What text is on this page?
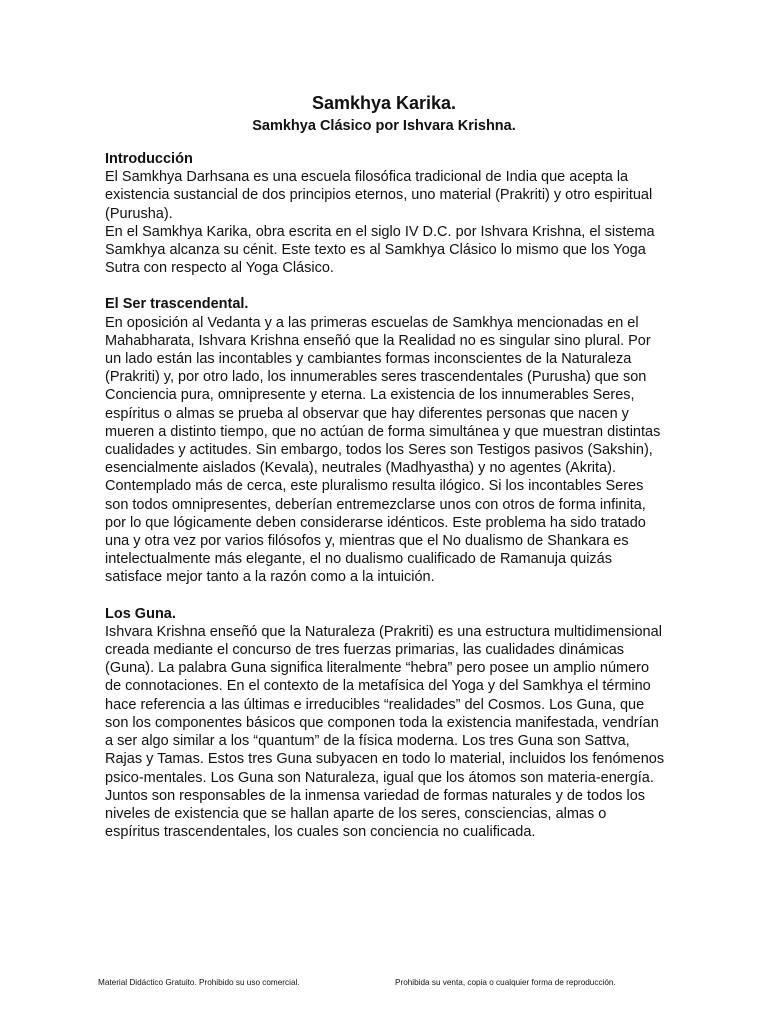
Samkhya Karika.
Samkhya Clásico por Ishvara Krishna.

Introducción

El Samkhya Darhsana es una escuela filosófica tradicional de India que acepta la existencia sustancial de dos principios eternos, uno material (Prakriti) y otro espiritual (Purusha).

En el Samkhya Karika, obra escrita en el siglo IV D.C. por Ishvara Krishna, el sistema Samkhya alcanza su cénit. Este texto es al Samkhya Clásico lo mismo que los Yoga Sutra con respecto al Yoga Clásico.

El Ser trascendental.

En oposición al Vedanta y a las primeras escuelas de Samkhya mencionadas en el Mahabharata, Ishvara Krishna enseñó que la Realidad no es singular sino plural. Por un lado están las incontables y cambiantes formas inconscientes de la Naturaleza (Prakriti) y, por otro lado, los innumerables seres trascendentales (Purusha) que son Conciencia pura, omnipresente y eterna. La existencia de los innumerables Seres, espíritus o almas se prueba al observar que hay diferentes personas que nacen y mueren a distinto tiempo, que no actúan de forma simultánea y que muestran distintas cualidades y actitudes. Sin embargo, todos los Seres son Testigos pasivos (Sakshin), esencialmente aislados (Kevala), neutrales (Madhyastha) y no agentes (Akrita). Contemplado más de cerca, este pluralismo resulta ilógico. Si los incontables Seres son todos omnipresentes, deberían entremezclarse unos con otros de forma infinita, por lo que lógicamente deben considerarse idénticos. Este problema ha sido tratado una y otra vez por varios filósofos y, mientras que el No dualismo de Shankara es intelectualmente más elegante, el no dualismo cualificado de Ramanuja quizás satisface mejor tanto a la razón como a la intuición.

Los Guna.

Ishvara Krishna enseñó que la Naturaleza (Prakriti) es una estructura multidimensional creada mediante el concurso de tres fuerzas primarias, las cualidades dinámicas (Guna). La palabra Guna significa literalmente “hebra” pero posee un amplio número de connotaciones. En el contexto de la metafísica del Yoga y del Samkhya el término hace referencia a las últimas e irreducibles “realidades” del Cosmos. Los Guna, que son los componentes básicos que componen toda la existencia manifestada, vendrían a ser algo similar a los “quantum” de la física moderna. Los tres Guna son Sattva, Rajas y Tamas. Estos tres Guna subyacen en todo lo material, incluidos los fenómenos psico-mentales. Los Guna son Naturaleza, igual que los átomos son materia-energía. Juntos son responsables de la inmensa variedad de formas naturales y de todos los niveles de existencia que se hallan aparte de los seres, consciencias, almas o espíritus trascendentales, los cuales son conciencia no cualificada.

Material Didáctico Gratuito. Prohibido su uso comercial.	Prohibida su venta, copia o cualquier forma de reproducción.
